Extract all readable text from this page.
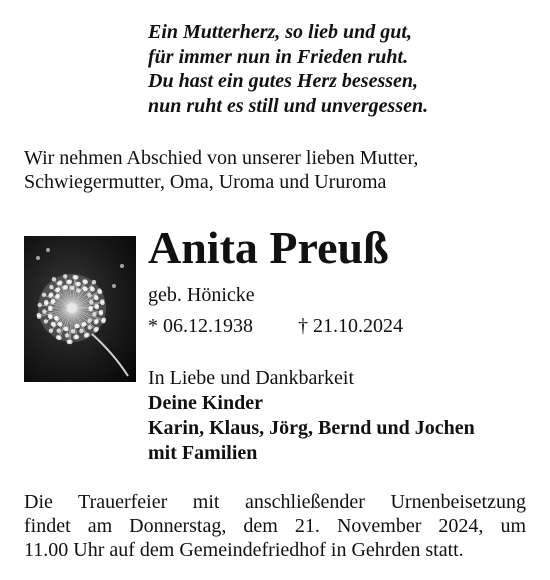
Ein Mutterherz, so lieb und gut,
für immer nun in Frieden ruht.
Du hast ein gutes Herz besessen,
nun ruht es still und unvergessen.
Wir nehmen Abschied von unserer lieben Mutter,
Schwiegermutter, Oma, Uroma und Ururoma
Anita Preuß
geb. Hönicke
* 06.12.1938 † 21.10.2024
In Liebe und Dankbarkeit
Deine Kinder
Karin, Klaus, Jörg, Bernd und Jochen
mit Familien
Die Trauerfeier mit anschließender Urnenbeisetzung
findet am Donnerstag, dem 21. November 2024, um
11.00 Uhr auf dem Gemeindefriedhof in Gehrden statt.
